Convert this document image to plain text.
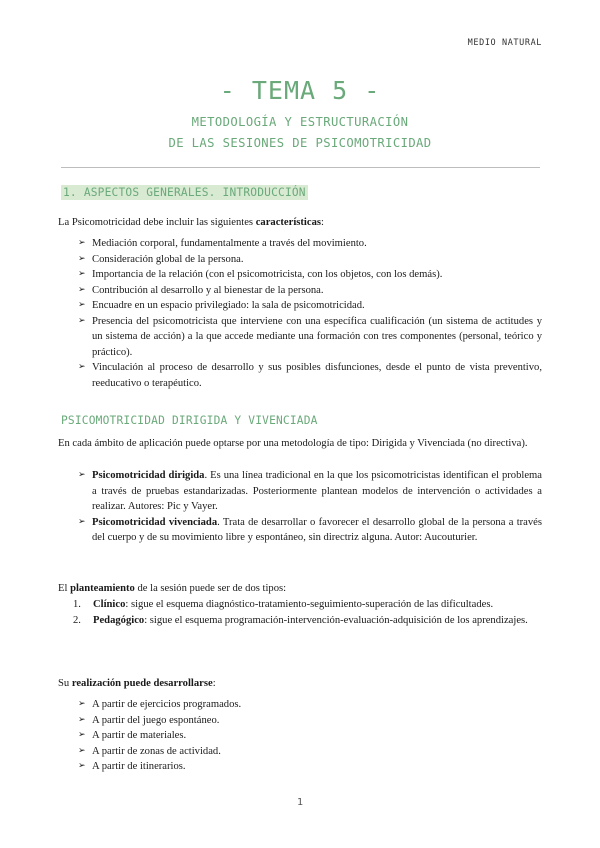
MEDIO NATURAL
- TEMA 5 -
METODOLOGÍA Y ESTRUCTURACIÓN
DE LAS SESIONES DE PSICOMOTRICIDAD
1. ASPECTOS GENERALES. INTRODUCCIÓN

La Psicomotricidad debe incluir las siguientes características:

➢ Mediación corporal, fundamentalmente a través del movimiento.
➢ Consideración global de la persona.
➢ Importancia de la relación (con el psicomotricista, con los objetos, con los demás).
➢ Contribución al desarrollo y al bienestar de la persona.
➢ Encuadre en un espacio privilegiado: la sala de psicomotricidad.
➢ Presencia del psicomotricista que interviene con una específica cualificación (un sistema de actitudes y un sistema de acción) a la que accede mediante una formación con tres componentes (personal, teórico y práctico).
➢ Vinculación al proceso de desarrollo y sus posibles disfunciones, desde el punto de vista preventivo, reeducativo o terapéutico.
PSICOMOTRICIDAD DIRIGIDA Y VIVENCIADA

En cada ámbito de aplicación puede optarse por una metodología de tipo: Dirigida y Vivenciada (no directiva).

➢ Psicomotricidad dirigida. Es una línea tradicional en la que los psicomotricistas identifican el problema a través de pruebas estandarizadas. Posteriormente plantean modelos de intervención o actividades a realizar. Autores: Pic y Vayer.
➢ Psicomotricidad vivenciada. Trata de desarrollar o favorecer el desarrollo global de la persona a través del cuerpo y de su movimiento libre y espontáneo, sin directriz alguna. Autor: Aucouturier.

El planteamiento de la sesión puede ser de dos tipos:

1. Clínico: sigue el esquema diagnóstico-tratamiento-seguimiento-superación de las dificultades.
2. Pedagógico: sigue el esquema programación-intervención-evaluación-adquisición de los aprendizajes.

Su realización puede desarrollarse:

➢ A partir de ejercicios programados.
➢ A partir del juego espontáneo.
➢ A partir de materiales.
➢ A partir de zonas de actividad.
➢ A partir de itinerarios.
1
